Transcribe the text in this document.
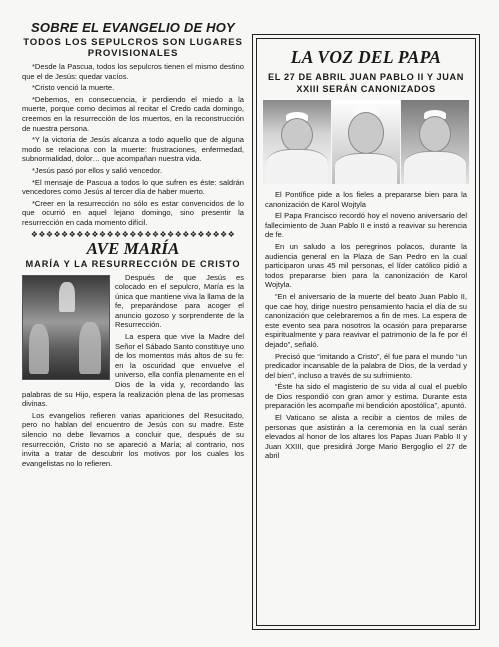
SOBRE EL EVANGELIO DE HOY
TODOS LOS SEPULCROS SON LUGARES PROVISIONALES

*Desde la Pascua, todos los sepulcros tienen el mismo destino que el de Jesús: quedar vacíos.

*Cristo venció la muerte.

*Debemos, en consecuencia, ir perdiendo el miedo a la muerte, porque como decimos al recitar el Credo cada domingo, creemos en la resurrección de los muertos, en la reconstrucción de nuestra persona.

*Y la victoria de Jesús alcanza a todo aquello que de alguna modo se relaciona con la muerte: frustraciones, enfermedad, subnormalidad, dolor… que acompañan nuestra vida.

*Jesús pasó por ellos y salió vencedor.

*El mensaje de Pascua a todos lo que sufren es éste: saldrán vencedores como Jesús al tercer día de haber muerto.

*Creer en la resurrección no sólo es estar convencidos de lo que ocurrió en aquel lejano domingo, sino presentir la resurrección en cada momento difícil.

❖❖❖❖❖❖❖❖❖❖❖❖❖❖❖❖❖❖❖❖❖❖❖❖❖❖❖
AVE MARÍA
MARÍA Y LA RESURRECCIÓN DE CRISTO

Después de que Jesús es colocado en el sepulcro, María es la única que mantiene viva la llama de la fe, preparándose para acoger el anuncio gozoso y sorprendente de la Resurrección.

La espera que vive la Madre del Señor el Sábado Santo constituye uno de los momentos más altos de su fe: en la oscuridad que envuelve el universo, ella confía plenamente en el Dios de la vida y, recordando las palabras de su Hijo, espera la realización plena de las promesas divinas.

Los evangelios refieren varias apariciones del Resucitado, pero no hablan del encuentro de Jesús con su madre. Este silencio no debe llevarnos a concluir que, después de su resurrección, Cristo no se apareció a María; al contrario, nos invita a tratar de descubrir los motivos por los cuales los evangelistas no lo refieren.

LA VOZ DEL PAPA
EL 27 DE ABRIL JUAN PABLO II Y JUAN XXIII SERÁN CANONIZADOS

El Pontífice pide a los fieles a prepararse bien para la canonización de Karol Wojtyla

El Papa Francisco recordó hoy el noveno aniversario del fallecimiento de Juan Pablo II e instó a reavivar su herencia de fe.

En un saludo a los peregrinos polacos, durante la audiencia general en la Plaza de San Pedro en la cual participaron unas 45 mil personas, el líder católico pidió a todos prepararse bien para la canonización de Karol Wojtyla.

“En el aniversario de la muerte del beato Juan Pablo II, que cae hoy, dirige nuestro pensamiento hacia el día de su canonización que celebraremos a fin de mes. La espera de este evento sea para nosotros la ocasión para prepararse espiritualmente y para reavivar el patrimonio de la fe por él dejado”, señaló.

Precisó que “imitando a Cristo”, él fue para el mundo “un predicador incansable de la palabra de Dios, de la verdad y del bien”, incluso a través de su sufrimiento.

“Éste ha sido el magisterio de su vida al cual el pueblo de Dios respondió con gran amor y estima. Durante esta preparación les acompañe mi bendición apostólica”, apuntó.

El Vaticano se alista a recibir a cientos de miles de personas que asistirán a la ceremonia en la cual serán elevados al honor de los altares los Papas Juan Pablo II y Juan XXIII, que presidirá Jorge Mario Bergoglio el 27 de abril
